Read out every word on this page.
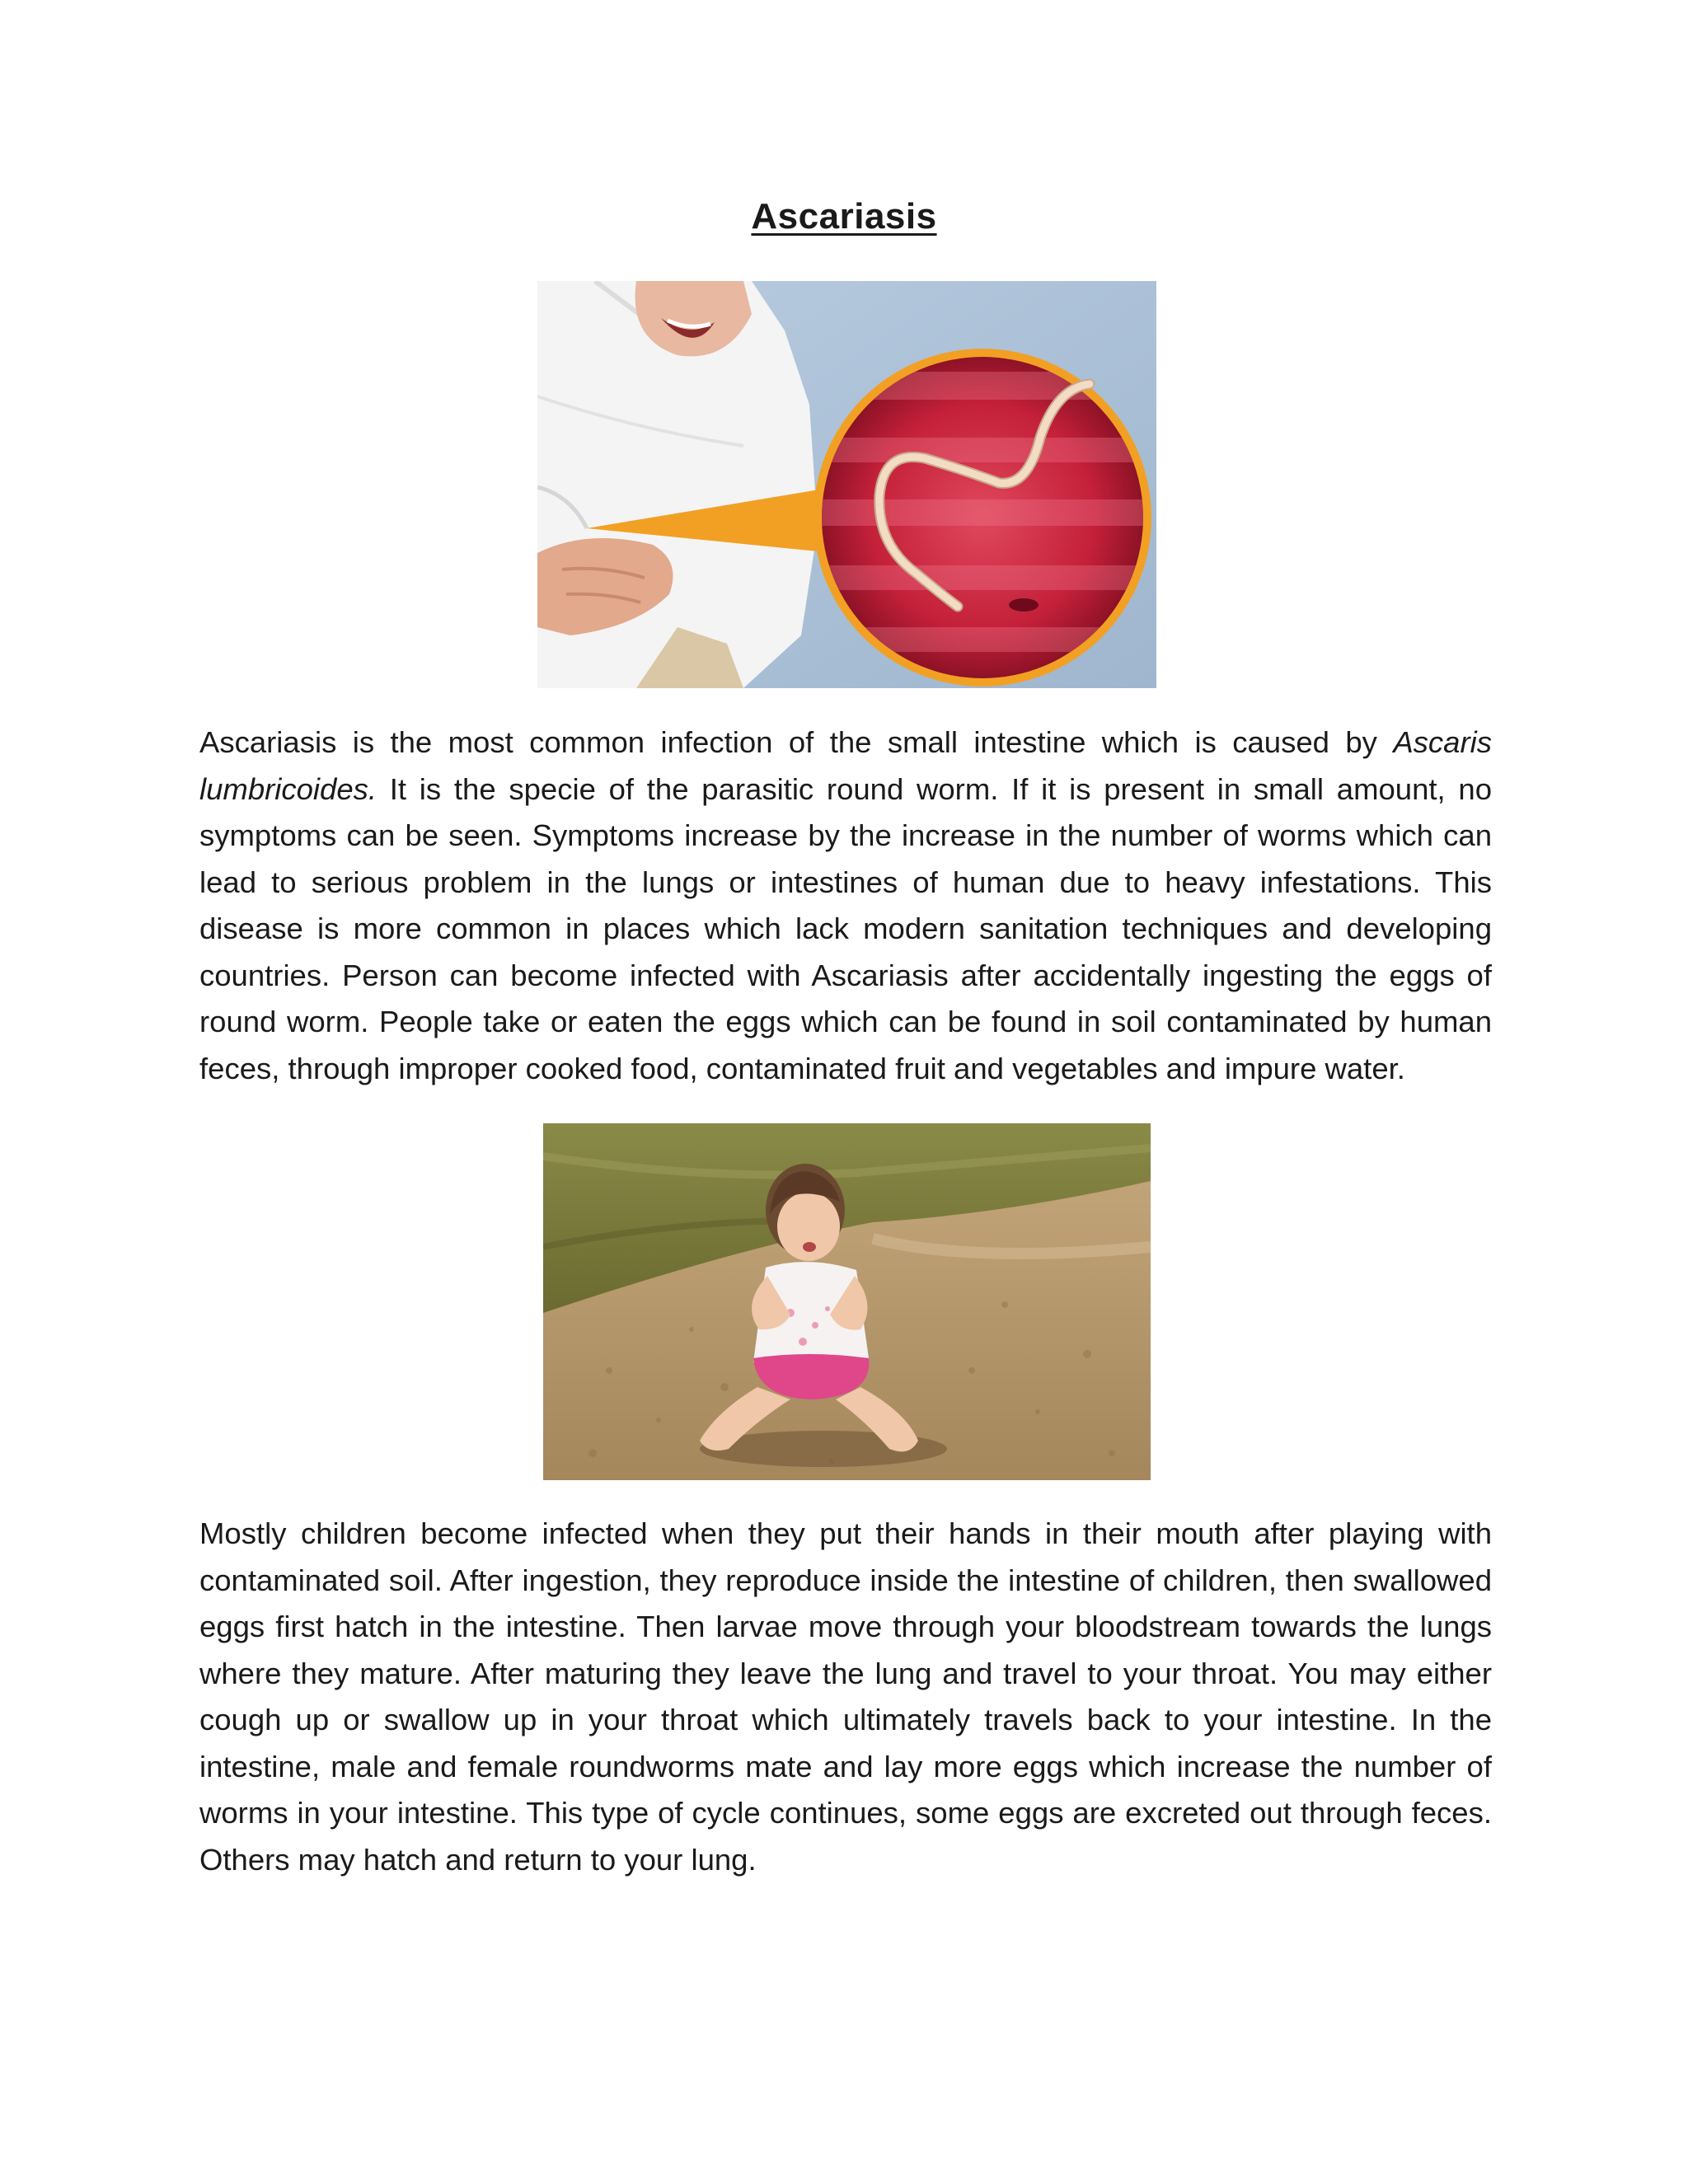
Ascariasis

Ascariasis is the most common infection of the small intestine which is caused by Ascaris lumbricoides. It is the specie of the parasitic round worm. If it is present in small amount, no symptoms can be seen. Symptoms increase by the increase in the number of worms which can lead to serious problem in the lungs or intestines of human due to heavy infestations. This disease is more common in places which lack modern sanitation techniques and developing countries. Person can become infected with Ascariasis after accidentally ingesting the eggs of round worm. People take or eaten the eggs which can be found in soil contaminated by human feces, through improper cooked food, contaminated fruit and vegetables and impure water.

Mostly children become infected when they put their hands in their mouth after playing with contaminated soil. After ingestion, they reproduce inside the intestine of children, then swallowed eggs first hatch in the intestine. Then larvae move through your bloodstream towards the lungs where they mature. After maturing they leave the lung and travel to your throat. You may either cough up or swallow up in your throat which ultimately travels back to your intestine. In the intestine, male and female roundworms mate and lay more eggs which increase the number of worms in your intestine. This type of cycle continues, some eggs are excreted out through feces. Others may hatch and return to your lung.
